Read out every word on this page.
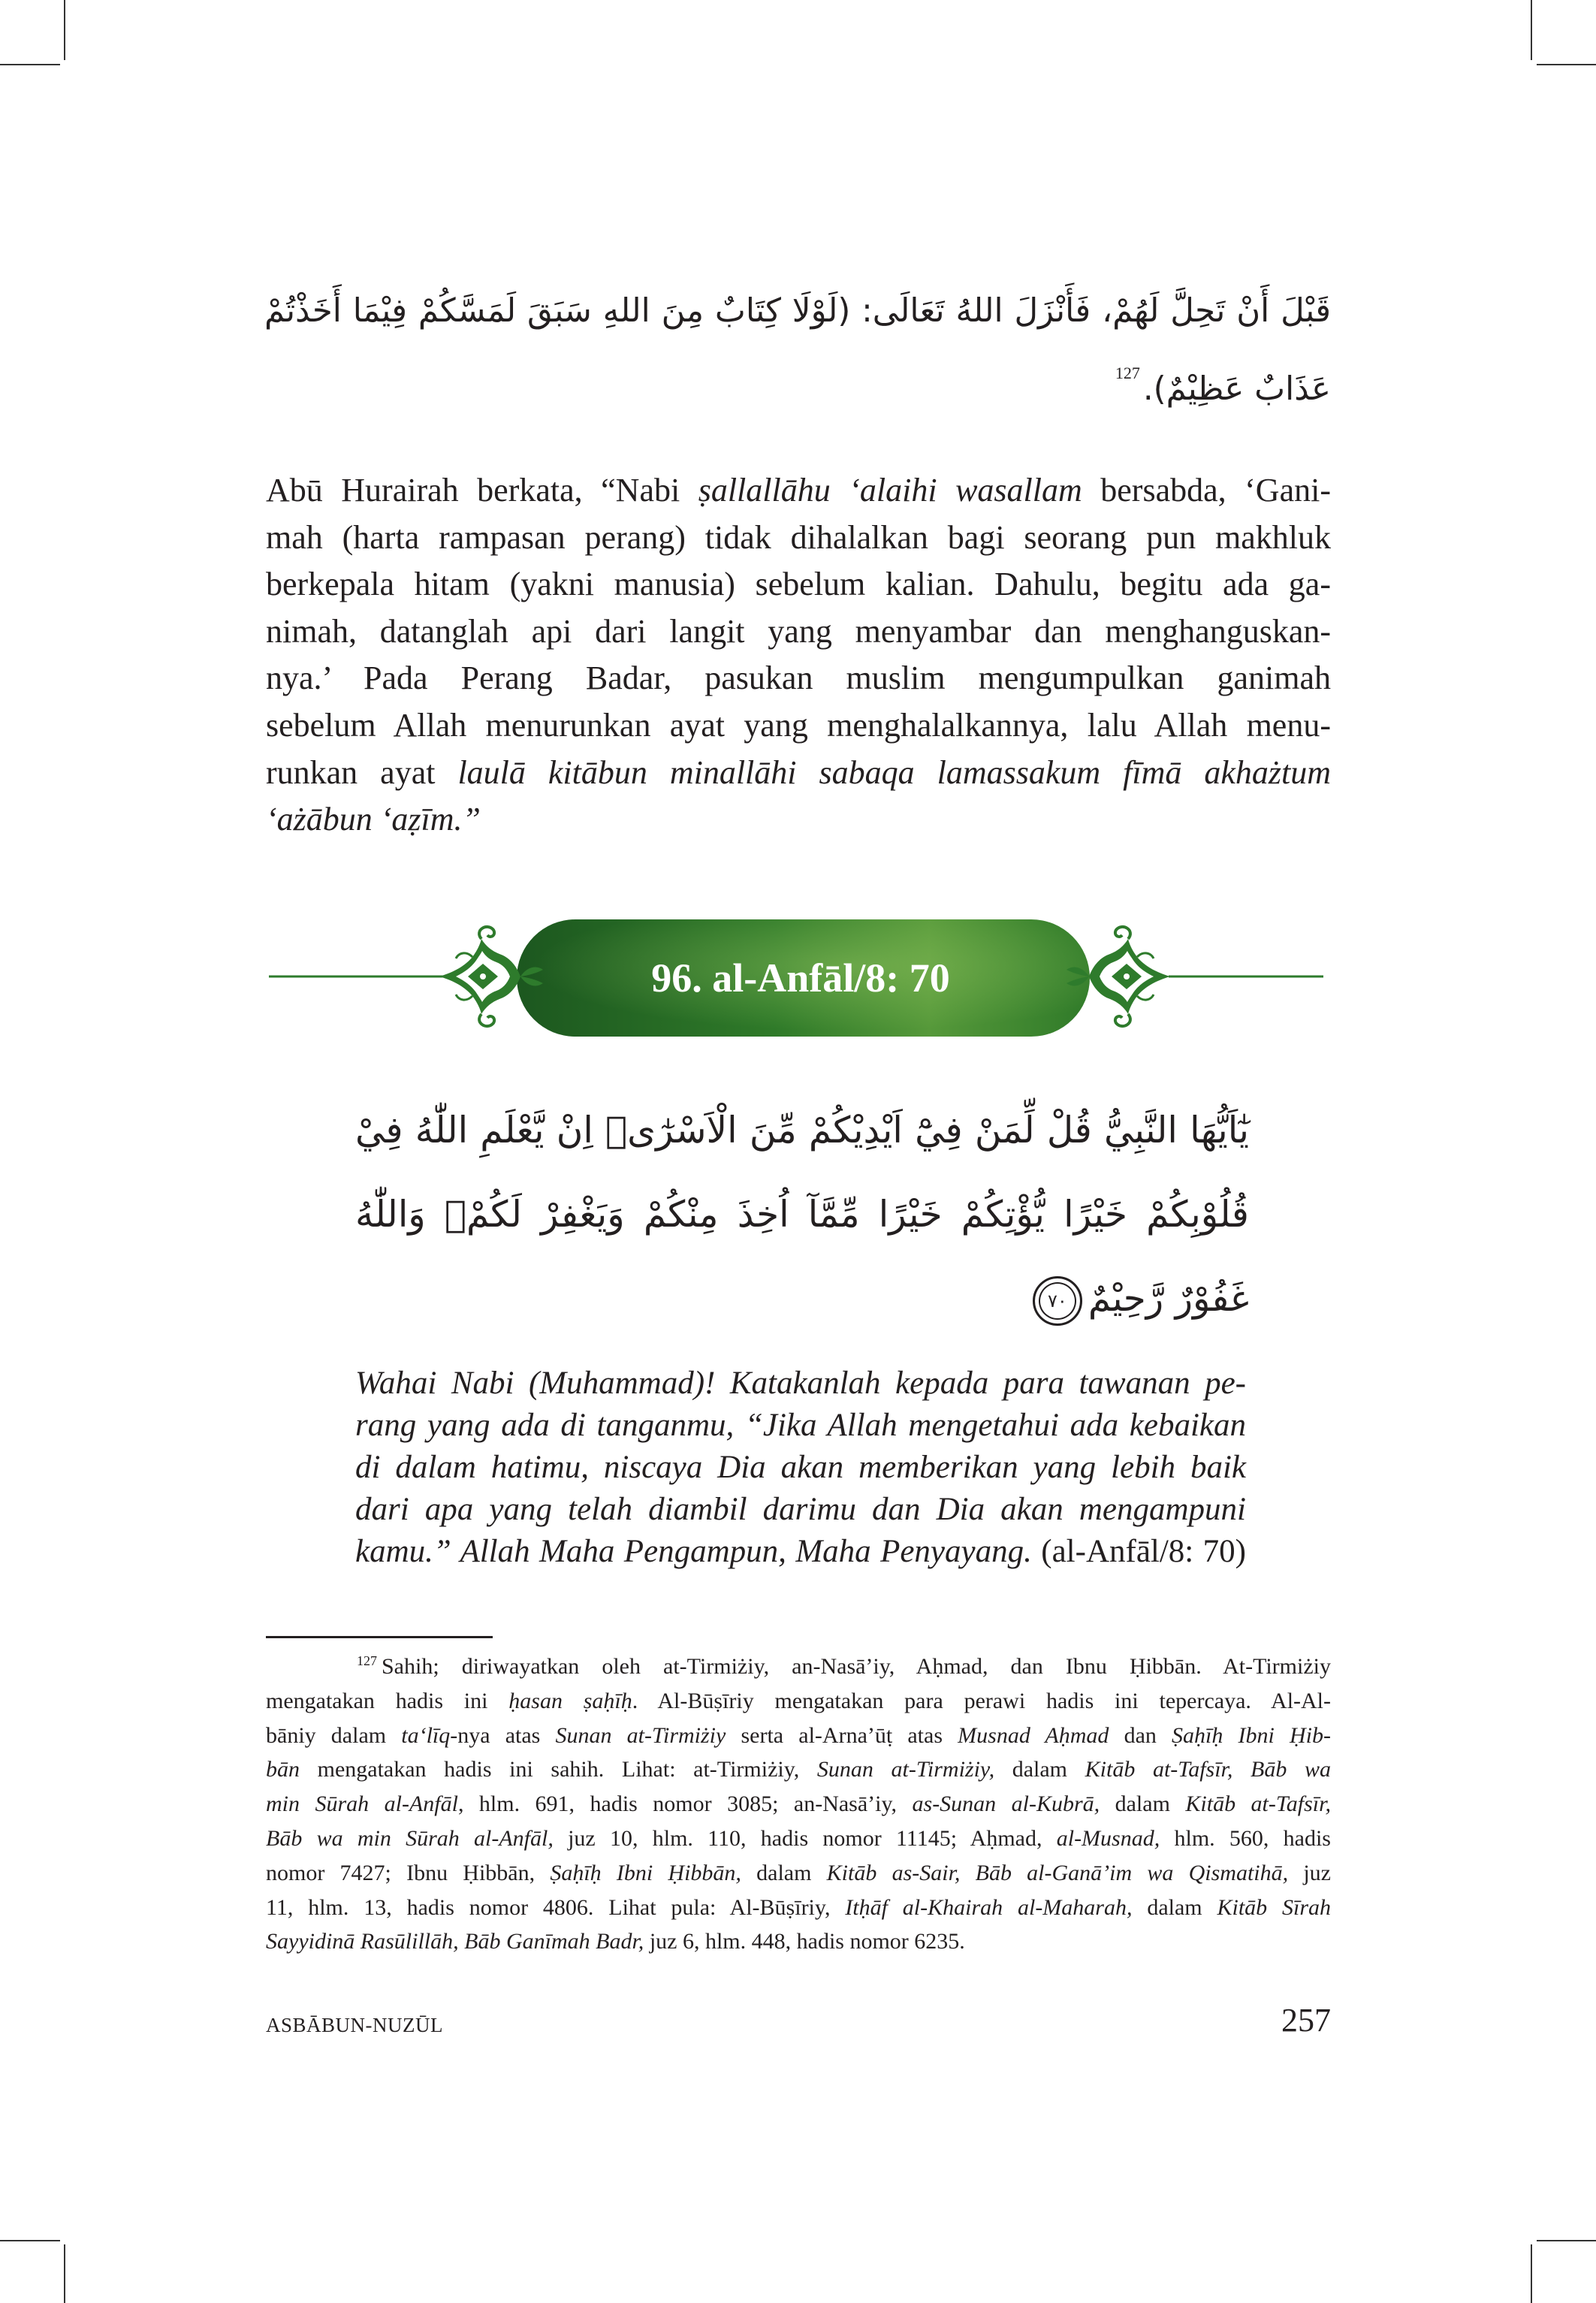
قَبْلَ أَنْ تَحِلَّ لَهُمْ، فَأَنْزَلَ اللهُ تَعَالَى: (لَوْلَا كِتَابٌ مِنَ اللهِ سَبَقَ لَمَسَّكُمْ فِيْمَا أَخَذْتُمْ
عَذَابٌ عَظِيْمٌ).$^{127}$
Abū Hurairah berkata, “Nabi ṣallallāhu ‘alaihi wasallam bersabda, ‘Gani-
mah (harta rampasan perang) tidak dihalalkan bagi seorang pun makhluk
berkepala hitam (yakni manusia) sebelum kalian. Dahulu, begitu ada ga-
nimah, datanglah api dari langit yang menyambar dan menghanguskan-
nya.’ Pada Perang Badar, pasukan muslim mengumpulkan ganimah
sebelum Allah menurunkan ayat yang menghalalkannya, lalu Allah menu-
runkan ayat laulā kitābun minallāhi sabaqa lamassakum fīmā akhażtum
‘ażābun ‘aẓīm.”
96. al-Anfāl/8: 70
يٰٓاَيُّهَا النَّبِيُّ قُلْ لِّمَنْ فِيْٓ اَيْدِيْكُمْ مِّنَ الْاَسْرٰٓىۙ اِنْ يَّعْلَمِ اللّٰهُ فِيْ
قُلُوْبِكُمْ خَيْرًا يُّؤْتِكُمْ خَيْرًا مِّمَّآ اُخِذَ مِنْكُمْ وَيَغْفِرْ لَكُمْۗ وَاللّٰهُ
غَفُوْرٌ رَّحِيْمٌ٧٠
Wahai Nabi (Muhammad)! Katakanlah kepada para tawanan pe-
rang yang ada di tanganmu, “Jika Allah mengetahui ada kebaikan
di dalam hatimu, niscaya Dia akan memberikan yang lebih baik
dari apa yang telah diambil darimu dan Dia akan mengampuni
kamu.” Allah Maha Pengampun, Maha Penyayang. (al-Anfāl/8: 70)
$^{127}$ Sahih; diriwayatkan oleh at-Tirmiżiy, an-Nasā’iy, Aḥmad, dan Ibnu Ḥibbān. At-Tirmiżiy
mengatakan hadis ini ḥasan ṣaḥīḥ. Al-Būṣīriy mengatakan para perawi hadis ini tepercaya. Al-Al-
bāniy dalam ta‘līq-nya atas Sunan at-Tirmiżiy serta al-Arna’ūṭ atas Musnad Aḥmad dan Ṣaḥīḥ Ibni Ḥib-
bān mengatakan hadis ini sahih. Lihat: at-Tirmiżiy, Sunan at-Tirmiżiy, dalam Kitāb at-Tafsīr, Bāb wa
min Sūrah al-Anfāl, hlm. 691, hadis nomor 3085; an-Nasā’iy, as-Sunan al-Kubrā, dalam Kitāb at-Tafsīr,
Bāb wa min Sūrah al-Anfāl, juz 10, hlm. 110, hadis nomor 11145; Aḥmad, al-Musnad, hlm. 560, hadis
nomor 7427; Ibnu Ḥibbān, Ṣaḥīḥ Ibni Ḥibbān, dalam Kitāb as-Sair, Bāb al-Ganā’im wa Qismatihā, juz
11, hlm. 13, hadis nomor 4806. Lihat pula: Al-Būṣīriy, Itḥāf al-Khairah al-Maharah, dalam Kitāb Sīrah
Sayyidinā Rasūlillāh, Bāb Ganīmah Badr, juz 6, hlm. 448, hadis nomor 6235.
ASBĀBUN-NUZŪL	257
